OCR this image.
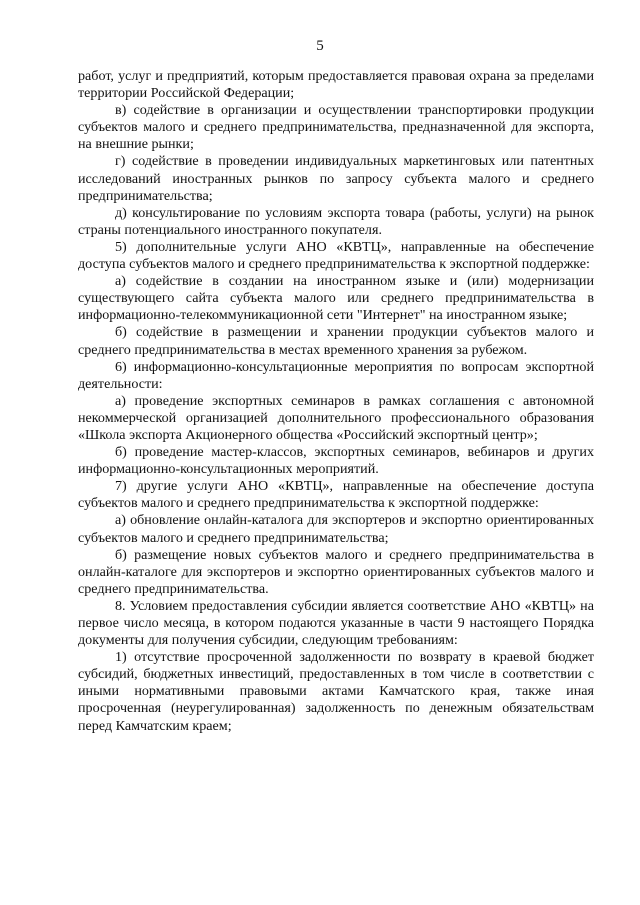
5

работ, услуг и предприятий, которым предоставляется правовая охрана за пределами территории Российской Федерации;

в) содействие в организации и осуществлении транспортировки продукции субъектов малого и среднего предпринимательства, предназначенной для экспорта, на внешние рынки;

г) содействие в проведении индивидуальных маркетинговых или патентных исследований иностранных рынков по запросу субъекта малого и среднего предпринимательства;

д) консультирование по условиям экспорта товара (работы, услуги) на рынок страны потенциального иностранного покупателя.

5) дополнительные услуги АНО «КВТЦ», направленные на обеспечение доступа субъектов малого и среднего предпринимательства к экспортной поддержке:

а) содействие в создании на иностранном языке и (или) модернизации существующего сайта субъекта малого или среднего предпринимательства в информационно-телекоммуникационной сети "Интернет" на иностранном языке;

б) содействие в размещении и хранении продукции субъектов малого и среднего предпринимательства в местах временного хранения за рубежом.

6) информационно-консультационные мероприятия по вопросам экспортной деятельности:

а) проведение экспортных семинаров в рамках соглашения с автономной некоммерческой организацией дополнительного профессионального образования «Школа экспорта Акционерного общества «Российский экспортный центр»;

б) проведение мастер-классов, экспортных семинаров, вебинаров и других информационно-консультационных мероприятий.

7) другие услуги АНО «КВТЦ», направленные на обеспечение доступа субъектов малого и среднего предпринимательства к экспортной поддержке:

а) обновление онлайн-каталога для экспортеров и экспортно ориентированных субъектов малого и среднего предпринимательства;

б) размещение новых субъектов малого и среднего предпринимательства в онлайн-каталоге для экспортеров и экспортно ориентированных субъектов малого и среднего предпринимательства.

8. Условием предоставления субсидии является соответствие АНО «КВТЦ» на первое число месяца, в котором подаются указанные в части 9 настоящего Порядка документы для получения субсидии, следующим требованиям:

1) отсутствие просроченной задолженности по возврату в краевой бюджет субсидий, бюджетных инвестиций, предоставленных в том числе в соответствии с иными нормативными правовыми актами Камчатского края, также иная просроченная (неурегулированная) задолженность по денежным обязательствам перед Камчатским краем;
